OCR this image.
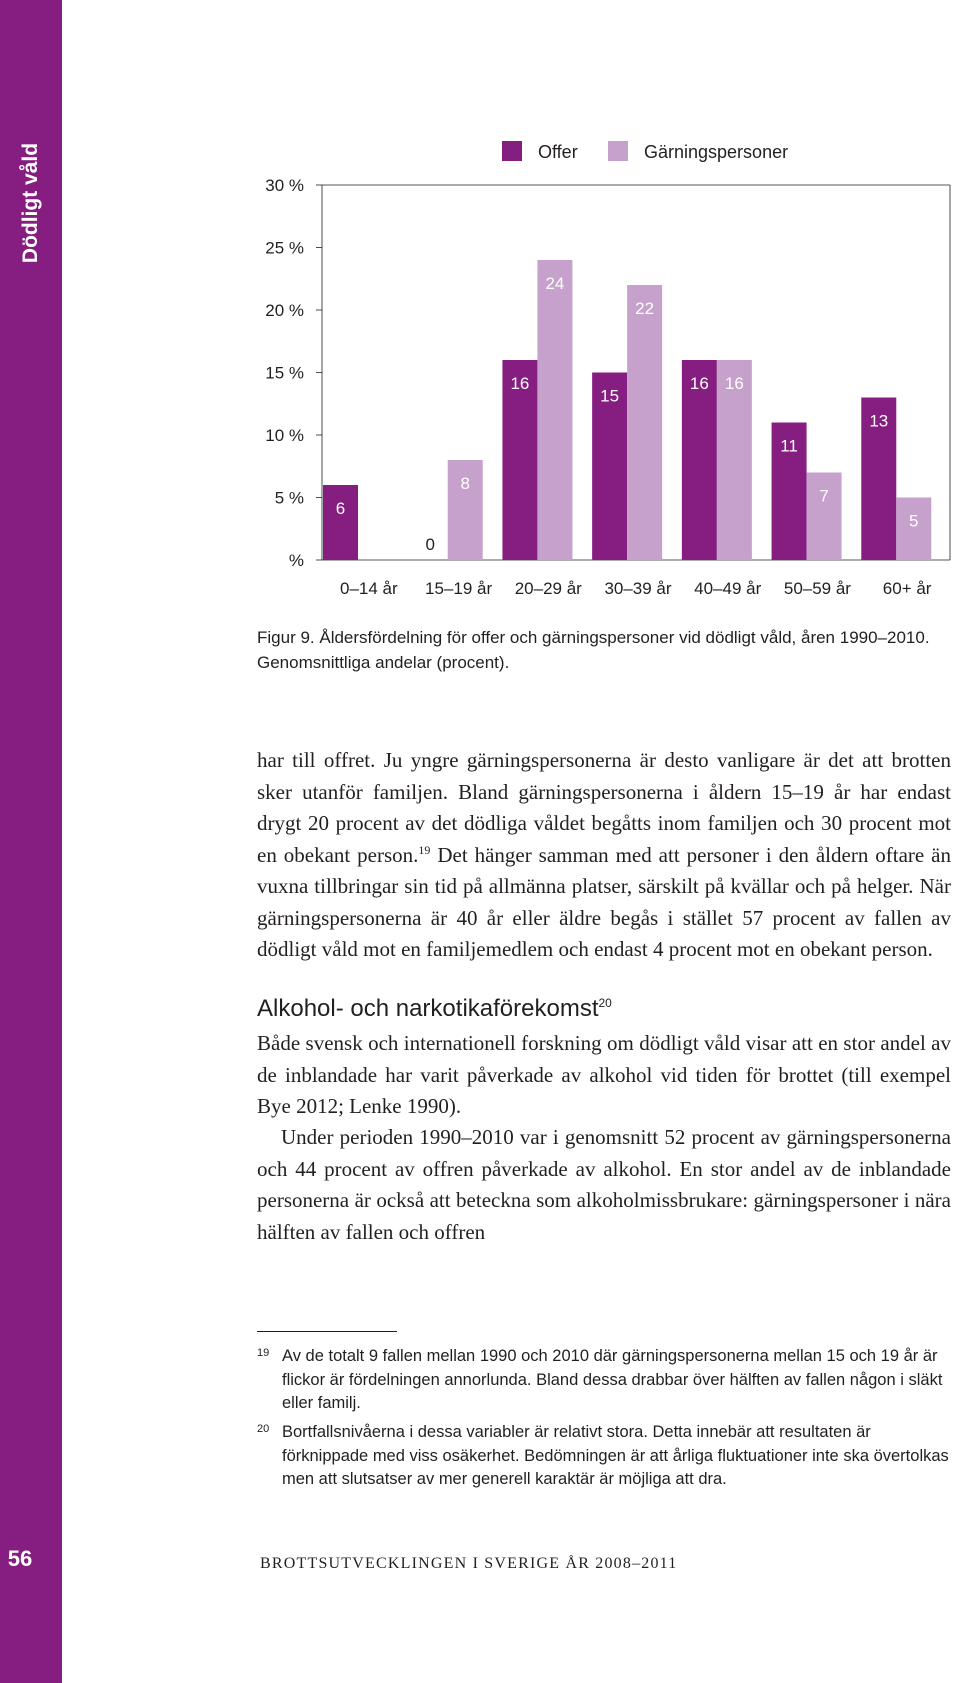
Dödligt våld
56
%
5 %
10 %
15 %
20 %
25 %
30 %
6
0–14 år
0
8
15–19 år
16
24
20–29 år
15
22
30–39 år
16 16
40–49 år
11
7
50–59 år
13
5
60+ år
Offer	Gärningspersoner

Figur 9. Åldersfördelning för offer och gärningspersoner vid dödligt våld, åren 1990–2010. Genomsnittliga andelar (procent).

har till offret. Ju yngre gärningspersonerna är desto vanligare är det att brotten sker utanför familjen. Bland gärningspersonerna i åldern 15–19 år har endast drygt 20 procent av det dödliga våldet begåtts inom familjen och 30 procent mot en obekant person.$^{19}$ Det hänger samman med att personer i den åldern oftare än vuxna tillbringar sin tid på allmänna platser, särskilt på kvällar och på helger. När gärningspersonerna är 40 år eller äldre begås i stället 57 procent av fallen av dödligt våld mot en familjemedlem och endast 4 procent mot en obekant person.

Alkohol- och narkotikaförekomst$^{20}$

Både svensk och internationell forskning om dödligt våld visar att en stor andel av de inblandade har varit påverkade av alkohol vid tiden för brottet (till exempel Bye 2012; Lenke 1990).

Under perioden 1990–2010 var i genomsnitt 52 procent av gärningspersonerna och 44 procent av offren påverkade av alkohol. En stor andel av de inblandade personerna är också att beteckna som alkoholmissbrukare: gärningspersoner i nära hälften av fallen och offren

19 Av de totalt 9 fallen mellan 1990 och 2010 där gärningspersonerna mellan 15 och 19 år är flickor är fördelningen annorlunda. Bland dessa drabbar över hälften av fallen någon i släkt eller familj.
20 Bortfallsnivåerna i dessa variabler är relativt stora. Detta innebär att resultaten är förknippade med viss osäkerhet. Bedömningen är att årliga fluktuationer inte ska övertolkas men att slutsatser av mer generell karaktär är möjliga att dra.
BROTTSUTVECKLINGEN I SVERIGE ÅR 2008–2011
